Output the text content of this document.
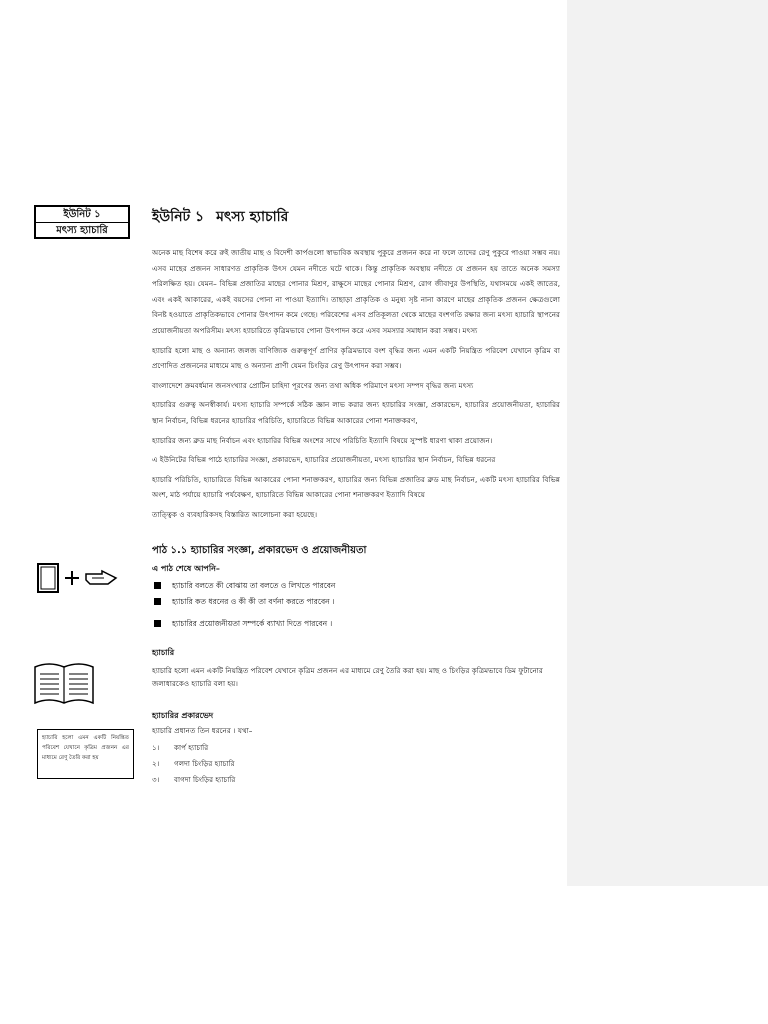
ইউনিট ১
মৎস্য হ্যাচারি
ইউনিট ১ মৎস্য হ্যাচারি

অনেক মাছ বিশেষ করে রুই জাতীয় মাছ ও বিদেশী কার্পগুলো স্বাভাবিক অবস্থায় পুকুরে প্রজনন করে না ফলে তাদের রেণু পুকুরে পাওয়া সম্ভব নয়। এসব মাছের প্রজনন সাধারণত প্রাকৃতিক উৎস যেমন নদীতে ঘটে থাকে। কিন্তু প্রাকৃতিক অবস্থায় নদীতে যে প্রজনন হয় তাতে অনেক সমস্যা পরিলক্ষিত হয়। যেমন– বিভিন্ন প্রজাতির মাছের পোনার মিশ্রণ, রাক্ষুসে মাছের পোনার মিশ্রণ, রোগ জীবাণুর উপস্থিতি, যথাসময়ে একই জাতের, এবং একই আকারের, একই বয়সের পোনা না পাওয়া ইত্যাদি। তাছাড়া প্রাকৃতিক ও মনুষ্য সৃষ্ট নানা কারণে মাছের প্রাকৃতিক প্রজনন ক্ষেত্রগুলো বিনষ্ট হওয়াতে প্রাকৃতিকভাবে পোনার উৎপাদন কমে গেছে। পরিবেশের এসব প্রতিকূলতা থেকে মাছের বংশগতি রক্ষার জন্য মৎস্য হ্যাচারি স্থাপনের প্রয়োজনীয়তা অপরিসীম। মৎস্য হ্যাচারিতে কৃত্রিমভাবে পোনা উৎপাদন করে এসব সমস্যার সমাধান করা সম্ভব। মৎস্য

হ্যাচারি হলো মাছ ও অন্যান্য জলজ বাণিজ্যিক গুরুত্বপূর্ণ প্রাণির কৃত্রিমভাবে বংশ বৃদ্ধির জন্য এমন একটি নিয়ন্ত্রিত পরিবেশ যেখানে কৃত্রিম বা প্রণোদিত প্রজননের মাধ্যমে মাছ ও অন্যান্য প্রাণী যেমন চিংড়ির রেণু উৎপাদন করা সম্ভব।

বাংলাদেশে ক্রমবর্ধমান জনসংখ্যার প্রোটিন চাহিদা পূরণের জন্য তথা অধিক পরিমাণে মৎস্য সম্পদ বৃদ্ধির জন্য মৎস্য

হ্যাচারির গুরুত্ব অনস্বীকার্য। মৎস্য হ্যাচারি সম্পর্কে সঠিক জ্ঞান লাভ করার জন্য হ্যাচারির সংজ্ঞা, প্রকারভেদ, হ্যাচারির প্রয়োজনীয়তা, হ্যাচারির স্থান নির্বাচন, বিভিন্ন ধরনের হ্যাচারির পরিচিতি, হ্যাচারিতে বিভিন্ন আকারের পোনা শনাক্তকরণ,

হ্যাচারির জন্য ব্রুড মাছ নির্বাচন এবং হ্যাচারির বিভিন্ন অংশের সাথে পরিচিতি ইত্যাদি বিষয়ে সুস্পষ্ট ধারণা থাকা প্রয়োজন।

এ ইউনিটের বিভিন্ন পাঠে হ্যাচারির সংজ্ঞা, প্রকারভেদ, হ্যাচারির প্রয়োজনীয়তা, মৎস্য হ্যাচারির স্থান নির্বাচন, বিভিন্ন ধরনের

হ্যাচারি পরিচিতি, হ্যাচারিতে বিভিন্ন আকারের পোনা শনাক্তকরণ, হ্যাচারির জন্য বিভিন্ন প্রজাতির ব্রুড মাছ নির্বাচন, একটি মৎস্য হ্যাচারির বিভিন্ন অংশ, মাঠ পর্যায়ে হ্যাচারি পর্যবেক্ষণ, হ্যাচারিতে বিভিন্ন আকারের পোনা শনাক্তকরণ ইত্যাদি বিষয়ে

তাত্ত্বিক ও ব্যবহারিকসহ বিস্তারিত আলোচনা করা হয়েছে।

পাঠ ১.১ হ্যাচারির সংজ্ঞা, প্রকারভেদ ও প্রয়োজনীয়তা
এ পাঠ শেষে আপনি–
হ্যাচারি বলতে কী বোঝায় তা বলতে ও লিখতে পারবেন
হ্যাচারি কত ধরনের ও কী কী তা বর্ণনা করতে পারবেন ।
হ্যাচারির প্রয়োজনীয়তা সম্পর্কে ব্যাখ্যা দিতে পারবেন ।
হ্যাচারি
হ্যাচারি হলো এমন একটি নিয়ন্ত্রিত পরিবেশ যেখানে কৃত্রিম প্রজনন এর মাধ্যমে রেণু তৈরি করা হয়। মাছ ও চিংড়ির কৃত্রিমভাবে ডিম ফুটানোর জলাধারকেও হ্যাচারি বলা হয়।
হ্যাচারির প্রকারভেদ
হ্যাচারি প্রধানত তিন ধরনের । যথা–
১। কার্প হ্যাচারি
২। গলদা চিংড়ির হ্যাচারি
৩। বাগদা চিংড়ির হ্যাচারি
হ্যাচারি হলো এমন একটি নিয়ন্ত্রিত পরিবেশ যেখানে কৃত্রিম প্রজনন এর মাধ্যমে রেণু তৈরি করা হয়
